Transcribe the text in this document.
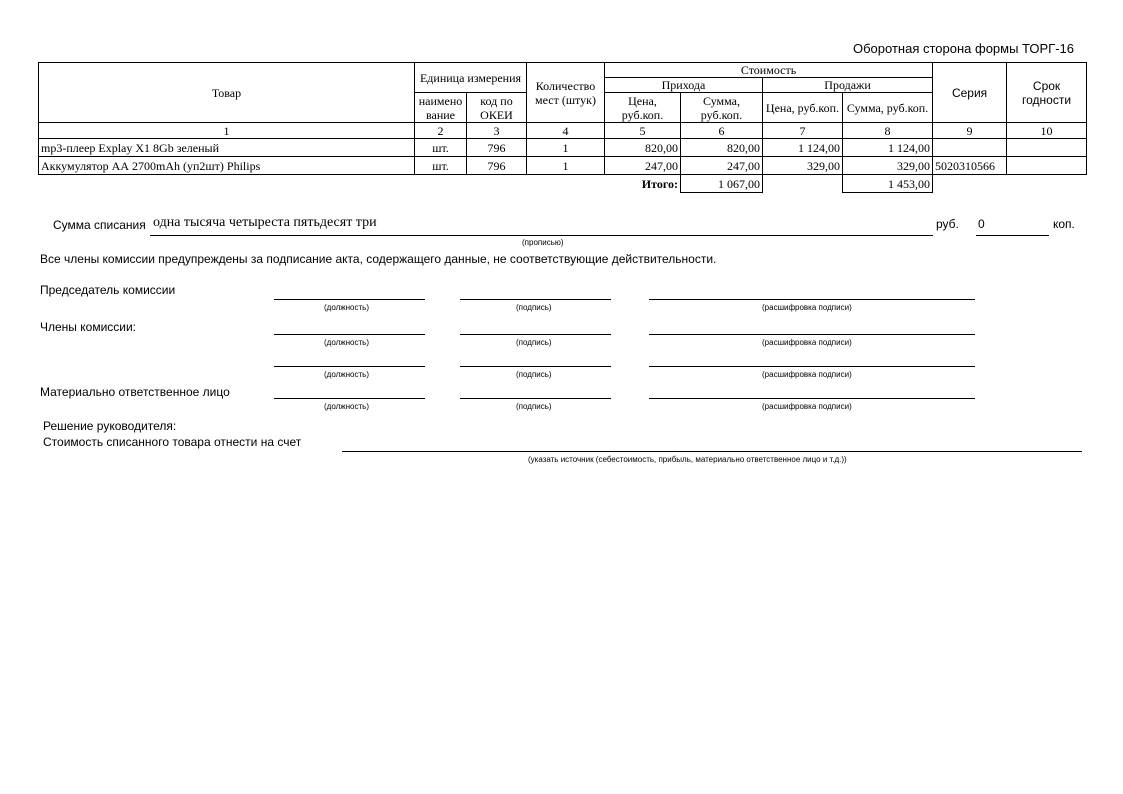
Оборотная сторона формы ТОРГ-16
Товар	Единица измерения		Количество мест (штук)	Стоимость				Серия	Срок годности
				Прихода		Продажи			
	наимено вание	код по ОКЕИ		Цена, руб.коп.	Сумма, руб.коп.	Цена, руб.коп.	Сумма, руб.коп.		
1	2	3	4	5	6	7	8	9	10
mp3-плеер Explay X1 8Gb зеленый	шт.	796	1	820,00	820,00	1 124,00	1 124,00		
Аккумулятор АА 2700mAh (уп2шт) Philips	шт.	796	1	247,00	247,00	329,00	329,00	5020310566	
				Итого:	1 067,00		1 453,00		
Сумма списания одна тысяча четыреста пятьдесят три
(прописью)
руб. 0	коп.
Все члены комиссии предупреждены за подписание акта, содержащего данные, не соответствующие действительности.
Председатель комиссии
(должность)	(подпись)	(расшифровка подписи)
Члены комиссии:
(должность)	(подпись)	(расшифровка подписи)
(должность)	(подпись)	(расшифровка подписи)
Материально ответственное лицо
(должность)	(подпись)	(расшифровка подписи)
Решение руководителя:
Стоимость списанного товара отнести на счет
(указать источник (себестоимость, прибыль, материально ответственное лицо и т.д.))
